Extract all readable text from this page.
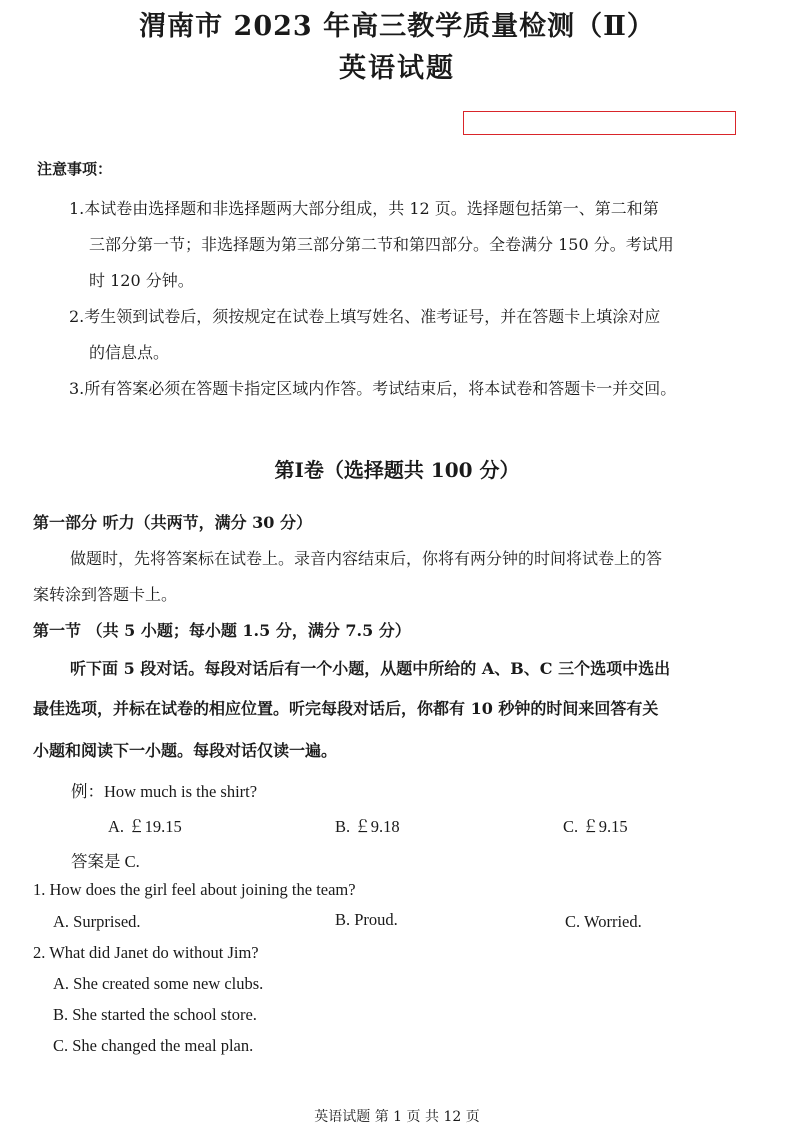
渭南市 2023 年高三教学质量检测（Ⅱ）
英语试题
注意事项：
1.本试卷由选择题和非选择题两大部分组成，共 12 页。选择题包括第一、第二和第
三部分第一节；非选择题为第三部分第二节和第四部分。全卷满分 150 分。考试用
时 120 分钟。
2.考生领到试卷后，须按规定在试卷上填写姓名、准考证号，并在答题卡上填涂对应
的信息点。
3.所有答案必须在答题卡指定区域内作答。考试结束后，将本试卷和答题卡一并交回。
第Ⅰ卷（选择题共 100 分）
第一部分 听力（共两节，满分 30 分）
做题时，先将答案标在试卷上。录音内容结束后，你将有两分钟的时间将试卷上的答
案转涂到答题卡上。
第一节 （共 5 小题；每小题 1.5 分，满分 7.5 分）
听下面 5 段对话。每段对话后有一个小题，从题中所给的 A、B、C 三个选项中选出
最佳选项，并标在试卷的相应位置。听完每段对话后，你都有 10 秒钟的时间来回答有关
小题和阅读下一小题。每段对话仅读一遍。
例：How much is the shirt?
A. ￡19.15	B. ￡9.18	C. ￡9.15
答案是 C.
1. How does the girl feel about joining the team?
A. Surprised.	B. Proud.	C. Worried.
2. What did Janet do without Jim?
A. She created some new clubs.
B. She started the school store.
C. She changed the meal plan.
英语试题 第 1 页 共 12 页
